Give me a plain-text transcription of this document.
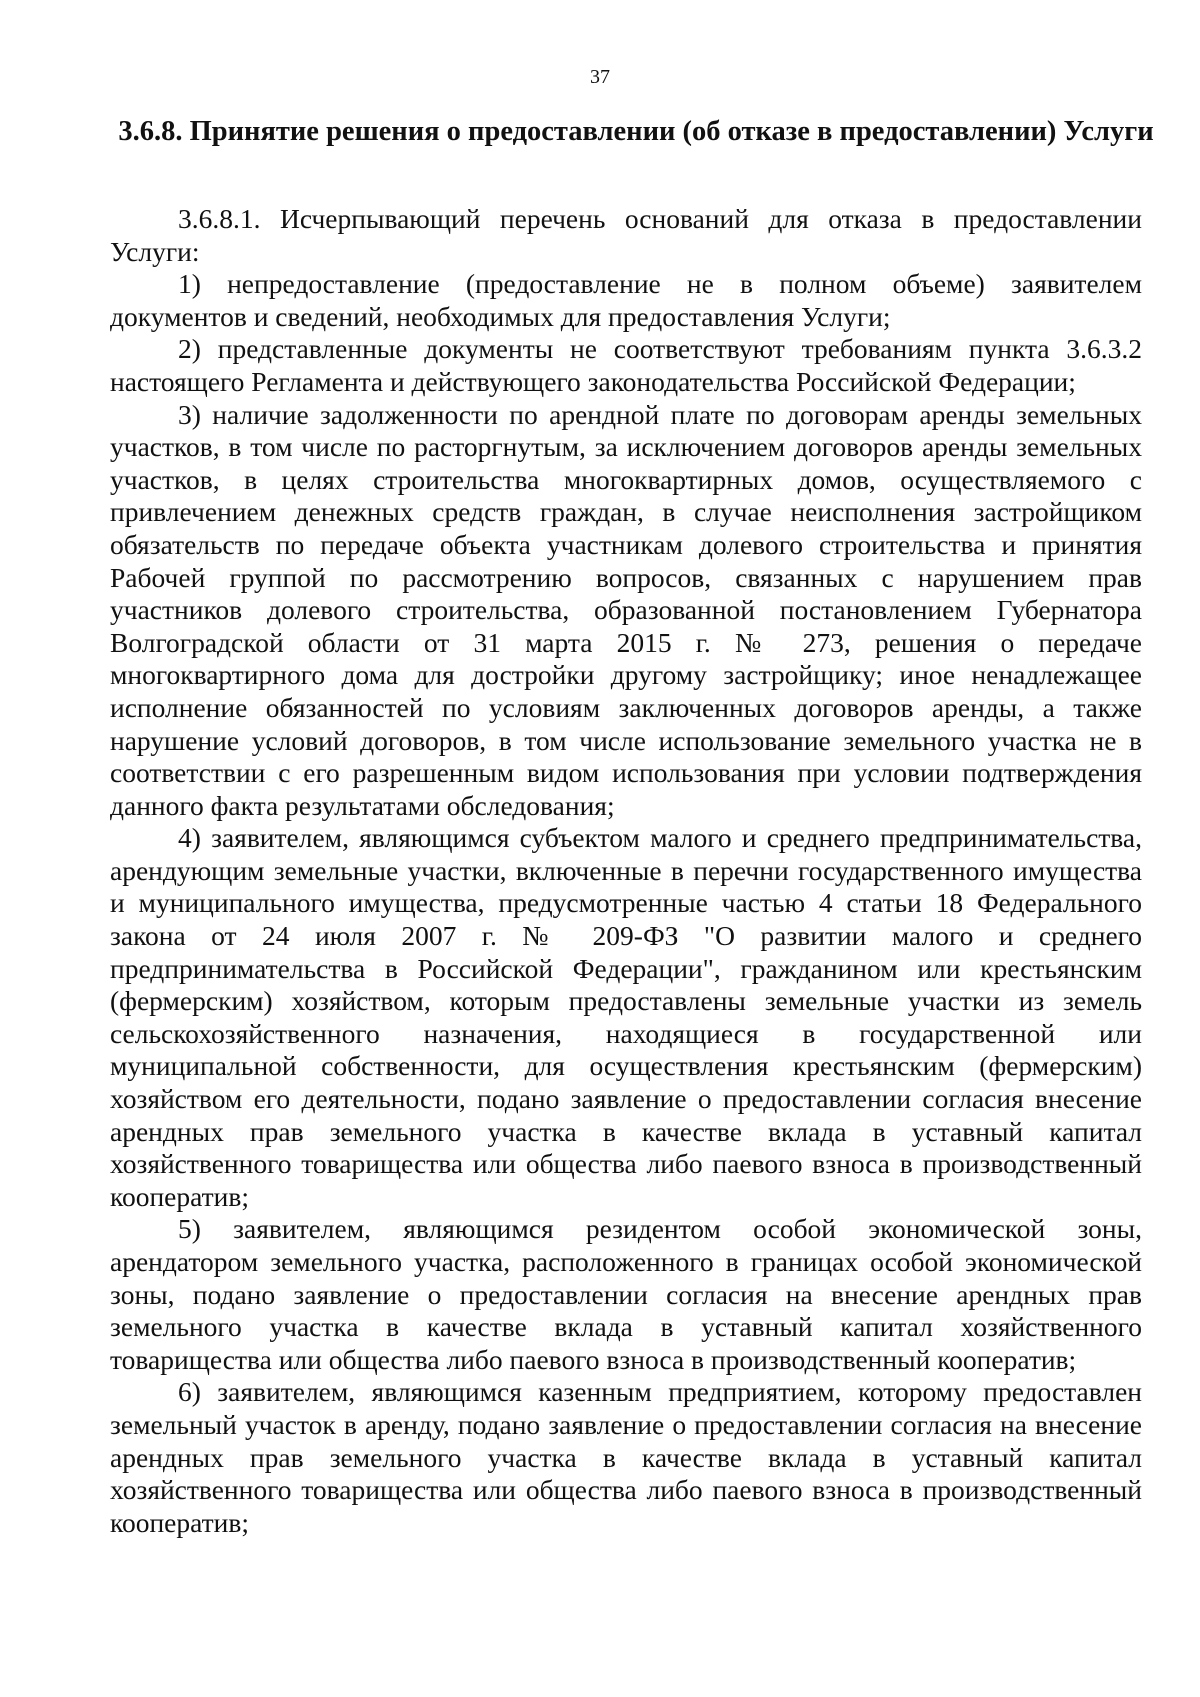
37
3.6.8. Принятие решения о предоставлении (об отказе в предоставлении) Услуги

3.6.8.1. Исчерпывающий перечень оснований для отказа в предоставлении Услуги:

1) непредоставление (предоставление не в полном объеме) заявителем документов и сведений, необходимых для предоставления Услуги;

2) представленные документы не соответствуют требованиям пункта 3.6.3.2 настоящего Регламента и действующего законодательства Российской Федерации;

3) наличие задолженности по арендной плате по договорам аренды земельных участков, в том числе по расторгнутым, за исключением договоров аренды земельных участков, в целях строительства многоквартирных домов, осуществляемого с привлечением денежных средств граждан, в случае неисполнения застройщиком обязательств по передаче объекта участникам долевого строительства и принятия Рабочей группой по рассмотрению вопросов, связанных с нарушением прав участников долевого строительства, образованной постановлением Губернатора Волгоградской области от 31 марта 2015 г. № 273, решения о передаче многоквартирного дома для достройки другому застройщику; иное ненадлежащее исполнение обязанностей по условиям заключенных договоров аренды, а также нарушение условий договоров, в том числе использование земельного участка не в соответствии с его разрешенным видом использования при условии подтверждения данного факта результатами обследования;

4) заявителем, являющимся субъектом малого и среднего предпринимательства, арендующим земельные участки, включенные в перечни государственного имущества и муниципального имущества, предусмотренные частью 4 статьи 18 Федерального закона от 24 июля 2007 г. № 209-ФЗ "О развитии малого и среднего предпринимательства в Российской Федерации", гражданином или крестьянским (фермерским) хозяйством, которым предоставлены земельные участки из земель сельскохозяйственного назначения, находящиеся в государственной или муниципальной собственности, для осуществления крестьянским (фермерским) хозяйством его деятельности, подано заявление о предоставлении согласия внесение арендных прав земельного участка в качестве вклада в уставный капитал хозяйственного товарищества или общества либо паевого взноса в производственный кооператив;

5) заявителем, являющимся резидентом особой экономической зоны, арендатором земельного участка, расположенного в границах особой экономической зоны, подано заявление о предоставлении согласия на внесение арендных прав земельного участка в качестве вклада в уставный капитал хозяйственного товарищества или общества либо паевого взноса в производственный кооператив;

6) заявителем, являющимся казенным предприятием, которому предоставлен земельный участок в аренду, подано заявление о предоставлении согласия на внесение арендных прав земельного участка в качестве вклада в уставный капитал хозяйственного товарищества или общества либо паевого взноса в производственный кооператив;
